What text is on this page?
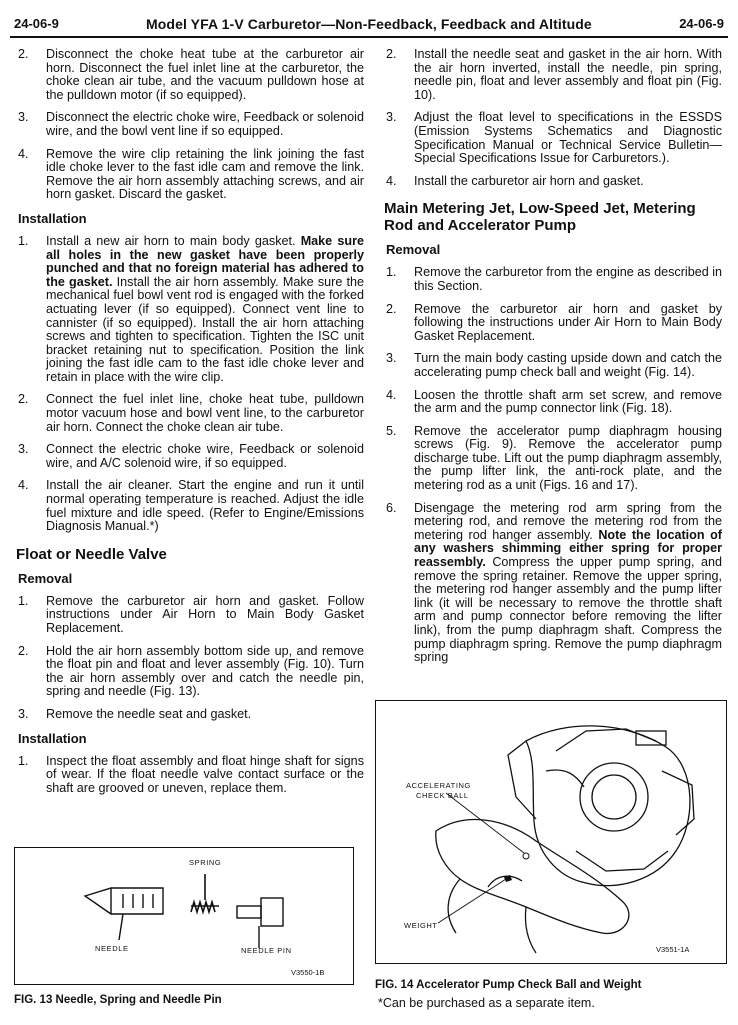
24-06-9	Model YFA 1-V Carburetor—Non-Feedback, Feedback and Altitude	24-06-9
2. Disconnect the choke heat tube at the carburetor air horn. Disconnect the fuel inlet line at the carburetor, the choke clean air tube, and the vacuum pulldown hose at the pulldown motor (if so equipped).
3. Disconnect the electric choke wire, Feedback or solenoid wire, and the bowl vent line if so equipped.
4. Remove the wire clip retaining the link joining the fast idle choke lever to the fast idle cam and remove the link. Remove the air horn assembly attaching screws, and air horn gasket. Discard the gasket.
Installation
1. Install a new air horn to main body gasket. Make sure all holes in the new gasket have been properly punched and that no foreign material has adhered to the gasket. Install the air horn assembly. Make sure the mechanical fuel bowl vent rod is engaged with the forked actuating lever (if so equipped). Connect vent line to cannister (if so equipped). Install the air horn attaching screws and tighten to specification. Tighten the ISC unit bracket retaining nut to specification. Position the link joining the fast idle cam to the fast idle choke lever and retain in place with the wire clip.
2. Connect the fuel inlet line, choke heat tube, pulldown motor vacuum hose and bowl vent line, to the carburetor air horn. Connect the choke clean air tube.
3. Connect the electric choke wire, Feedback or solenoid wire, and A/C solenoid wire, if so equipped.
4. Install the air cleaner. Start the engine and run it until normal operating temperature is reached. Adjust the idle fuel mixture and idle speed. (Refer to Engine/Emissions Diagnosis Manual.*)
Float or Needle Valve
Removal
1. Remove the carburetor air horn and gasket. Follow instructions under Air Horn to Main Body Gasket Replacement.
2. Hold the air horn assembly bottom side up, and remove the float pin and float and lever assembly (Fig. 10). Turn the air horn assembly over and catch the needle pin, spring and needle (Fig. 13).
3. Remove the needle seat and gasket.
Installation
1. Inspect the float assembly and float hinge shaft for signs of wear. If the float needle valve contact surface or the shaft are grooved or uneven, replace them.
2. Install the needle seat and gasket in the air horn. With the air horn inverted, install the needle, pin spring, needle pin, float and lever assembly and float pin (Fig. 10).
3. Adjust the float level to specifications in the ESSDS (Emission Systems Schematics and Diagnostic Specification Manual or Technical Service Bulletin—Special Specifications Issue for Carburetors.).
4. Install the carburetor air horn and gasket.
Main Metering Jet, Low-Speed Jet, Metering Rod and Accelerator Pump
Removal
1. Remove the carburetor from the engine as described in this Section.
2. Remove the carburetor air horn and gasket by following the instructions under Air Horn to Main Body Gasket Replacement.
3. Turn the main body casting upside down and catch the accelerating pump check ball and weight (Fig. 14).
4. Loosen the throttle shaft arm set screw, and remove the arm and the pump connector link (Fig. 18).
5. Remove the accelerator pump diaphragm housing screws (Fig. 9). Remove the accelerator pump discharge tube. Lift out the pump diaphragm assembly, the pump lifter link, the anti-rock plate, and the metering rod as a unit (Figs. 16 and 17).
6. Disengage the metering rod arm spring from the metering rod, and remove the metering rod from the metering rod hanger assembly. Note the location of any washers shimming either spring for proper reassembly. Compress the upper pump spring, and remove the spring retainer. Remove the upper spring, the metering rod hanger assembly and the pump lifter link (it will be necessary to remove the throttle shaft arm and pump connector before removing the lifter link), from the pump diaphragm shaft. Compress the pump diaphragm spring. Remove the pump diaphragm spring
SPRING
NEEDLE	NEEDLE PIN
V3550-1B
FIG. 13 Needle, Spring and Needle Pin
ACCELERATING
CHECK BALL
WEIGHT
V3551-1A
FIG. 14 Accelerator Pump Check Ball and Weight
*Can be purchased as a separate item.
